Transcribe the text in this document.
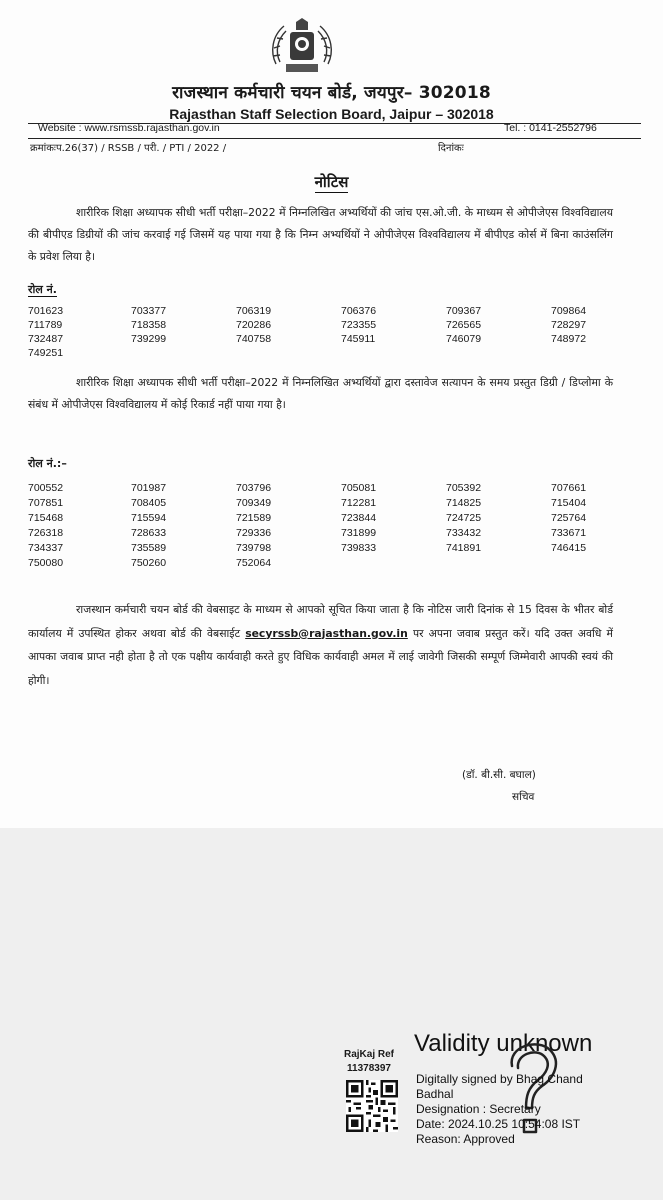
राजस्थान कर्मचारी चयन बोर्ड, जयपुर– 302018
Rajasthan Staff Selection Board, Jaipur – 302018
Website : www.rsmssb.rajasthan.gov.in	Tel. : 0141-2552796
क्रमांकःप.26(37) / RSSB / परी. / PTI / 2022 /	दिनांकः
नोटिस

शारीरिक शिक्षा अध्यापक सीधी भर्ती परीक्षा–2022 में निम्नलिखित अभ्यर्थियों की जांच एस.ओ.जी. के माध्यम से ओपीजेएस विश्वविद्यालय की बीपीएड डिग्रीयों की जांच करवाई गई जिसमें यह पाया गया है कि निम्न अभ्यर्थियों ने ओपीजेएस विश्वविद्यालय में बीपीएड कोर्स में बिना काउंसलिंग के प्रवेश लिया है।

रोल नं.
701623	703377	706319	706376	709367	709864
711789	718358	720286	723355	726565	728297
732487	739299	740758	745911	746079	748972
749251

शारीरिक शिक्षा अध्यापक सीधी भर्ती परीक्षा–2022 में निम्नलिखित अभ्यर्थियों द्वारा दस्तावेज सत्यापन के समय प्रस्तुत डिग्री / डिप्लोमा के संबंध में ओपीजेएस विश्वविद्यालय में कोई रिकार्ड नहीं पाया गया है।

रोल नं.:–
700552	701987	703796	705081	705392	707661
707851	708405	709349	712281	714825	715404
715468	715594	721589	723844	724725	725764
726318	728633	729336	731899	733432	733671
734337	735589	739798	739833	741891	746415
750080	750260	752064

राजस्थान कर्मचारी चयन बोर्ड की वेबसाइट के माध्यम से आपको सूचित किया जाता है कि नोटिस जारी दिनांक से 15 दिवस के भीतर बोर्ड कार्यालय में उपस्थित होकर अथवा बोर्ड की वेबसाईट secyrssb@rajasthan.gov.in पर अपना जवाब प्रस्तुत करें। यदि उक्त अवधि में आपका जवाब प्राप्त नही होता है तो एक पक्षीय कार्यवाही करते हुए विधिक कार्यवाही अमल में लाई जावेगी जिसकी सम्पूर्ण जिम्मेवारी आपकी स्वयं की होगी।

(डॉ. बी.सी. बघाल)
सचिव
RajKaj Ref
11378397
Validity unknown
Digitally signed by Bhag Chand
Badhal
Designation : Secretary
Date: 2024.10.25 10:54:08 IST
Reason: Approved
